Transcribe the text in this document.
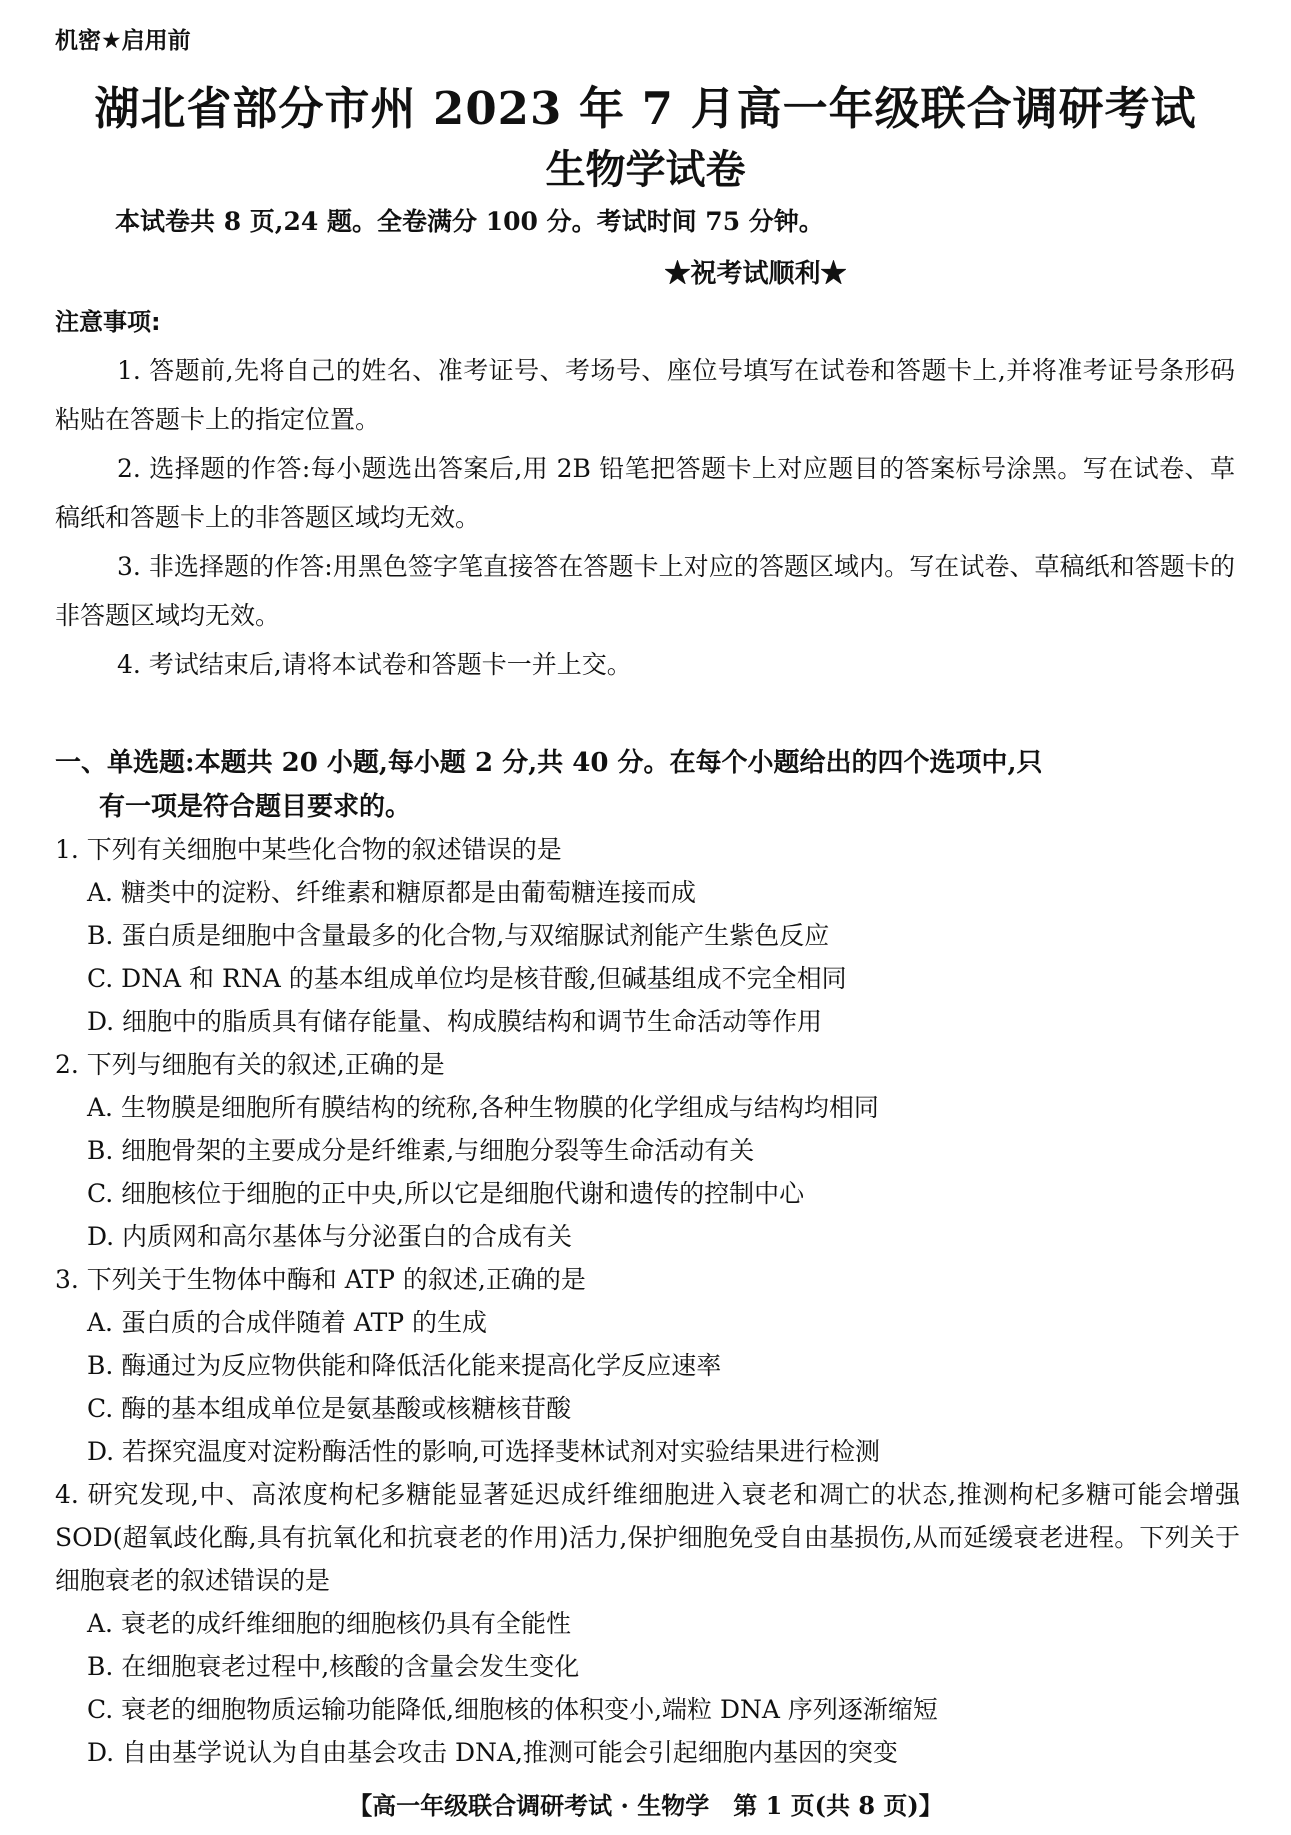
机密★启用前
湖北省部分市州 2023 年 7 月高一年级联合调研考试
生物学试卷
本试卷共 8 页,24 题。全卷满分 100 分。考试时间 75 分钟。
★祝考试顺利★
注意事项:

1. 答题前,先将自己的姓名、准考证号、考场号、座位号填写在试卷和答题卡上,并将准考证号条形码粘贴在答题卡上的指定位置。

2. 选择题的作答:每小题选出答案后,用 2B 铅笔把答题卡上对应题目的答案标号涂黑。写在试卷、草稿纸和答题卡上的非答题区域均无效。

3. 非选择题的作答:用黑色签字笔直接答在答题卡上对应的答题区域内。写在试卷、草稿纸和答题卡的非答题区域均无效。

4. 考试结束后,请将本试卷和答题卡一并上交。

一、单选题:本题共 20 小题,每小题 2 分,共 40 分。在每个小题给出的四个选项中,只
有一项是符合题目要求的。

1. 下列有关细胞中某些化合物的叙述错误的是

A. 糖类中的淀粉、纤维素和糖原都是由葡萄糖连接而成

B. 蛋白质是细胞中含量最多的化合物,与双缩脲试剂能产生紫色反应

C. DNA 和 RNA 的基本组成单位均是核苷酸,但碱基组成不完全相同

D. 细胞中的脂质具有储存能量、构成膜结构和调节生命活动等作用

2. 下列与细胞有关的叙述,正确的是

A. 生物膜是细胞所有膜结构的统称,各种生物膜的化学组成与结构均相同

B. 细胞骨架的主要成分是纤维素,与细胞分裂等生命活动有关

C. 细胞核位于细胞的正中央,所以它是细胞代谢和遗传的控制中心

D. 内质网和高尔基体与分泌蛋白的合成有关

3. 下列关于生物体中酶和 ATP 的叙述,正确的是

A. 蛋白质的合成伴随着 ATP 的生成

B. 酶通过为反应物供能和降低活化能来提高化学反应速率

C. 酶的基本组成单位是氨基酸或核糖核苷酸

D. 若探究温度对淀粉酶活性的影响,可选择斐林试剂对实验结果进行检测

4. 研究发现,中、高浓度枸杞多糖能显著延迟成纤维细胞进入衰老和凋亡的状态,推测枸杞多糖可能会增强 SOD(超氧歧化酶,具有抗氧化和抗衰老的作用)活力,保护细胞免受自由基损伤,从而延缓衰老进程。下列关于细胞衰老的叙述错误的是

A. 衰老的成纤维细胞的细胞核仍具有全能性

B. 在细胞衰老过程中,核酸的含量会发生变化

C. 衰老的细胞物质运输功能降低,细胞核的体积变小,端粒 DNA 序列逐渐缩短

D. 自由基学说认为自由基会攻击 DNA,推测可能会引起细胞内基因的突变

【高一年级联合调研考试 · 生物学　第 1 页(共 8 页)】
